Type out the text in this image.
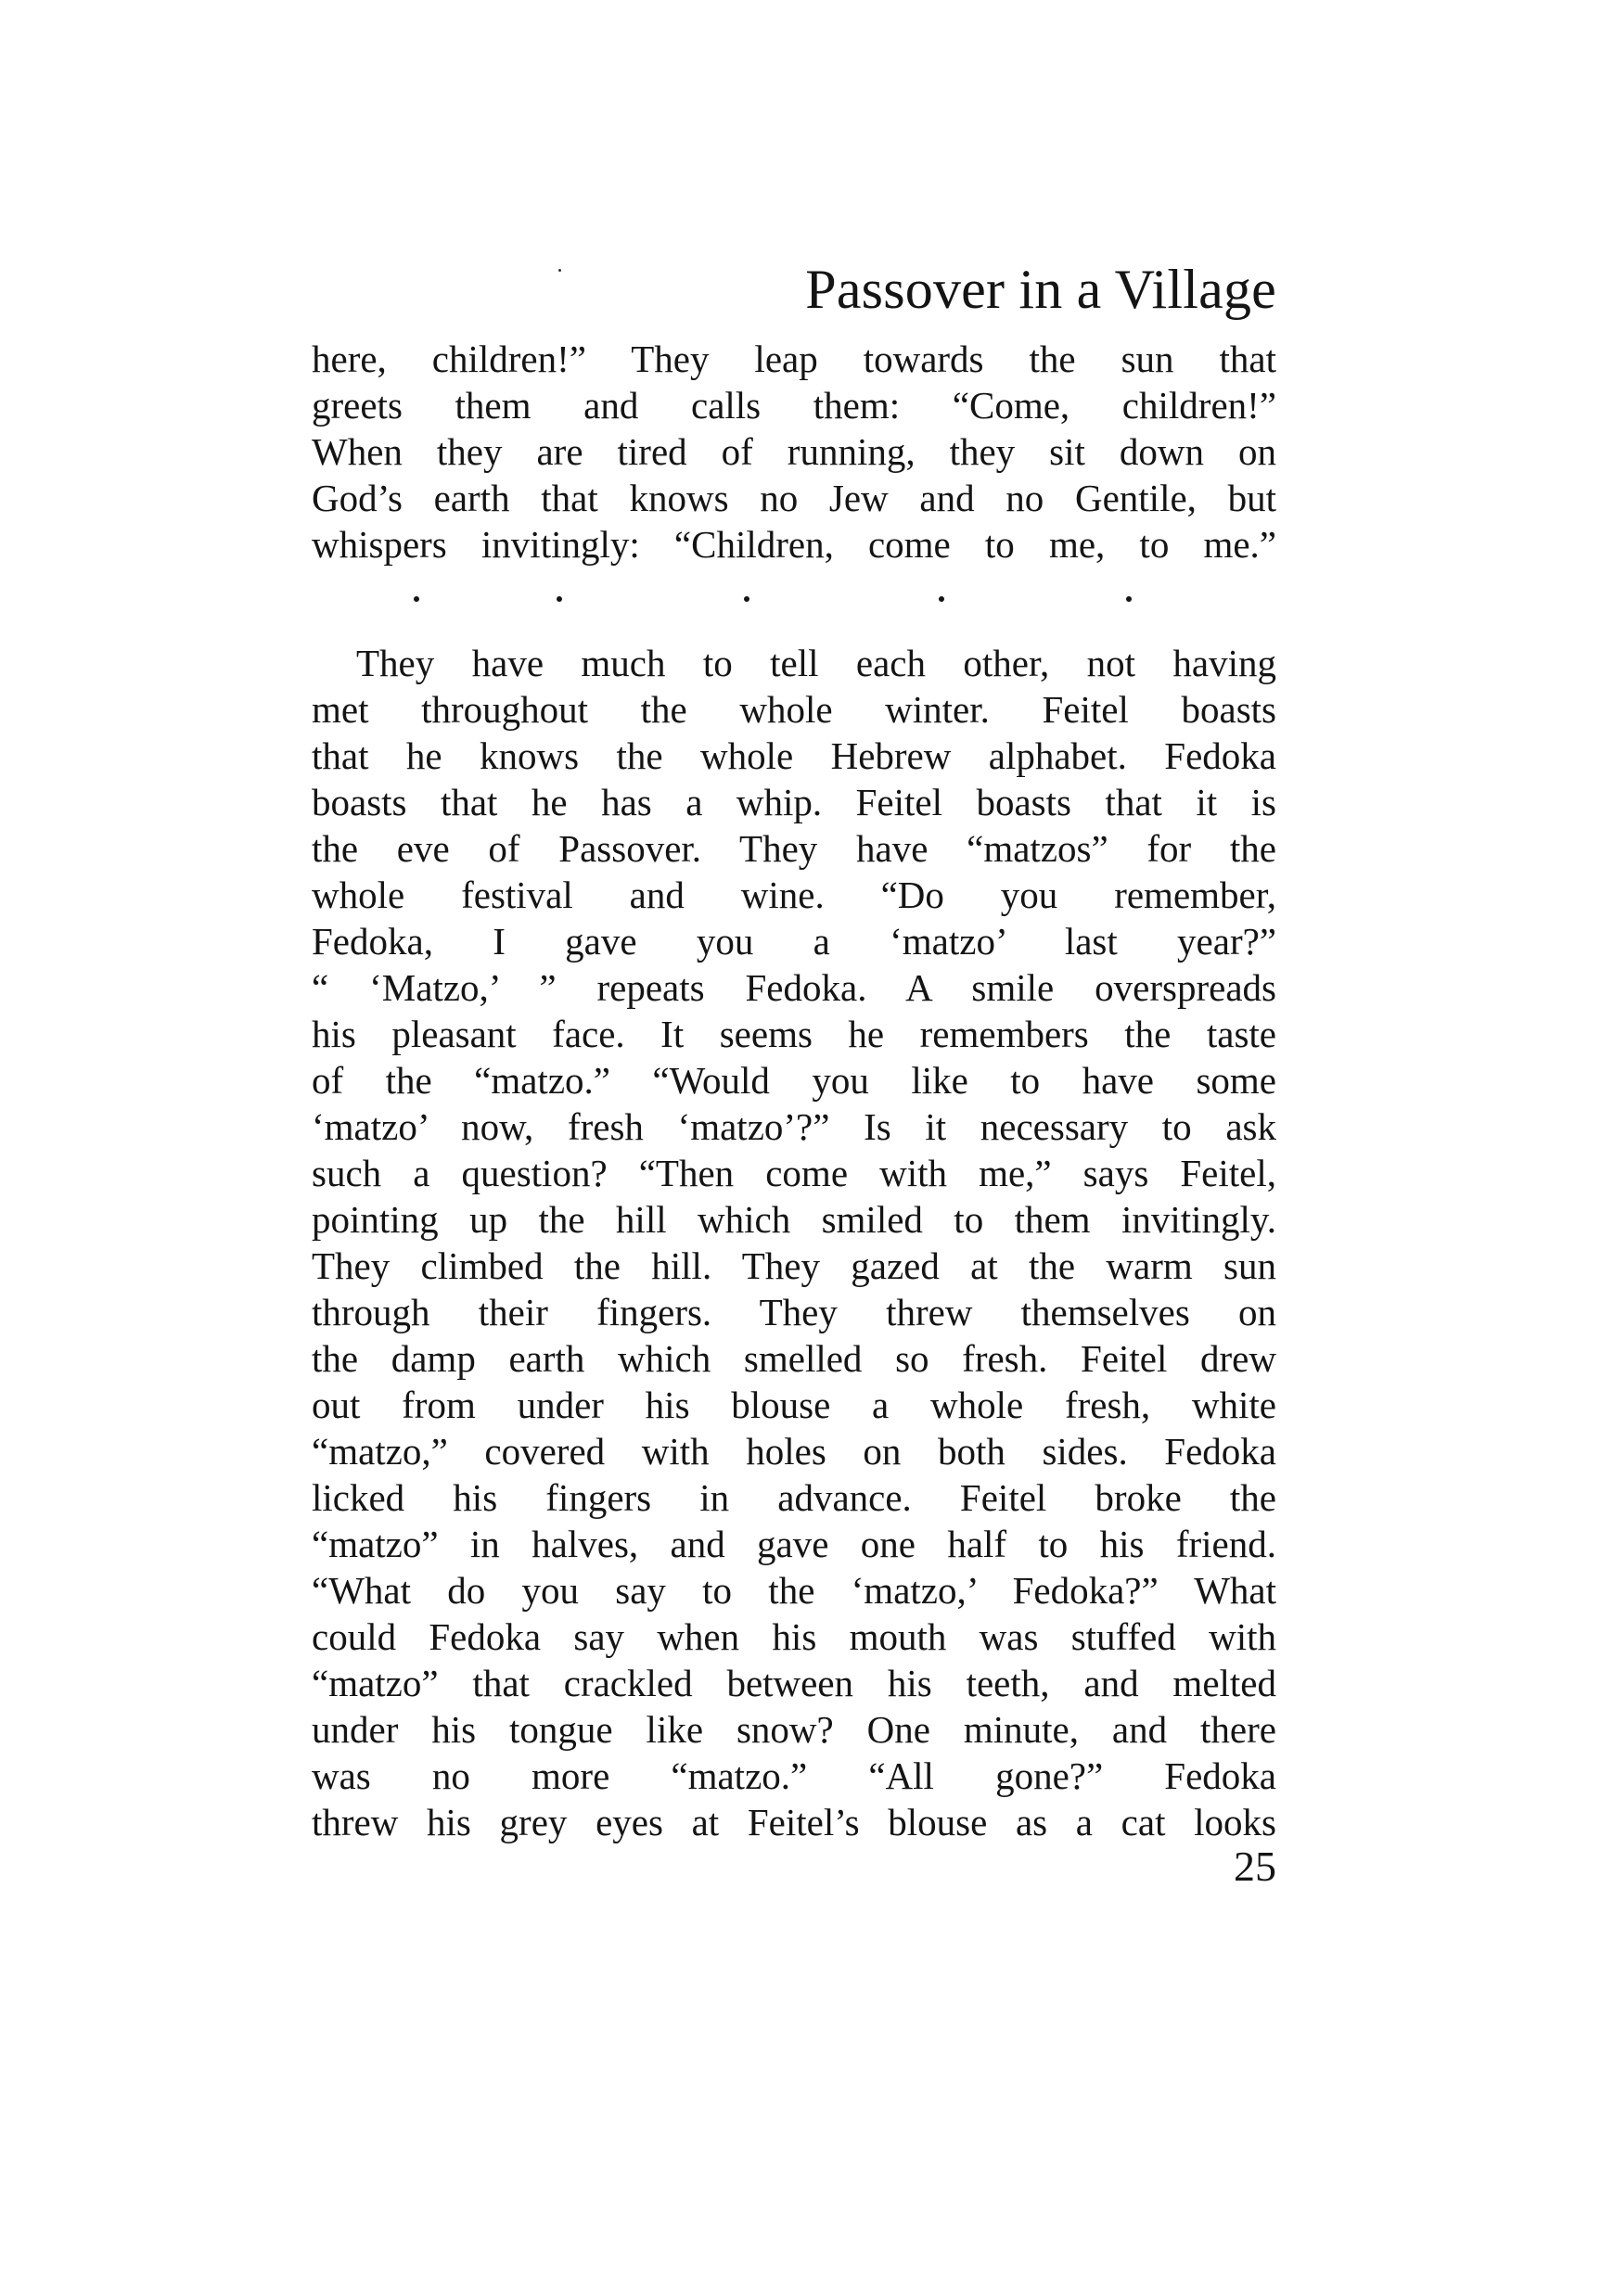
Passover in a Village
here, children!” They leap towards the sun that
greets them and calls them: “Come, children!”
When they are tired of running, they sit down on
God’s earth that knows no Jew and no Gentile, but
whispers invitingly: “Children, come to me, to me.”
They have much to tell each other, not having
met throughout the whole winter. Feitel boasts
that he knows the whole Hebrew alphabet. Fedoka
boasts that he has a whip. Feitel boasts that it is
the eve of Passover. They have “matzos” for the
whole festival and wine. “Do you remember,
Fedoka, I gave you a ‘matzo’ last year?”
“ ‘Matzo,’ ” repeats Fedoka. A smile overspreads
his pleasant face. It seems he remembers the taste
of the “matzo.” “Would you like to have some
‘matzo’ now, fresh ‘matzo’?” Is it necessary to ask
such a question? “Then come with me,” says Feitel,
pointing up the hill which smiled to them invitingly.
They climbed the hill. They gazed at the warm sun
through their fingers. They threw themselves on
the damp earth which smelled so fresh. Feitel drew
out from under his blouse a whole fresh, white
“matzo,” covered with holes on both sides. Fedoka
licked his fingers in advance. Feitel broke the
“matzo” in halves, and gave one half to his friend.
“What do you say to the ‘matzo,’ Fedoka?” What
could Fedoka say when his mouth was stuffed with
“matzo” that crackled between his teeth, and melted
under his tongue like snow? One minute, and there
was no more “matzo.” “All gone?” Fedoka
threw his grey eyes at Feitel’s blouse as a cat looks
25
